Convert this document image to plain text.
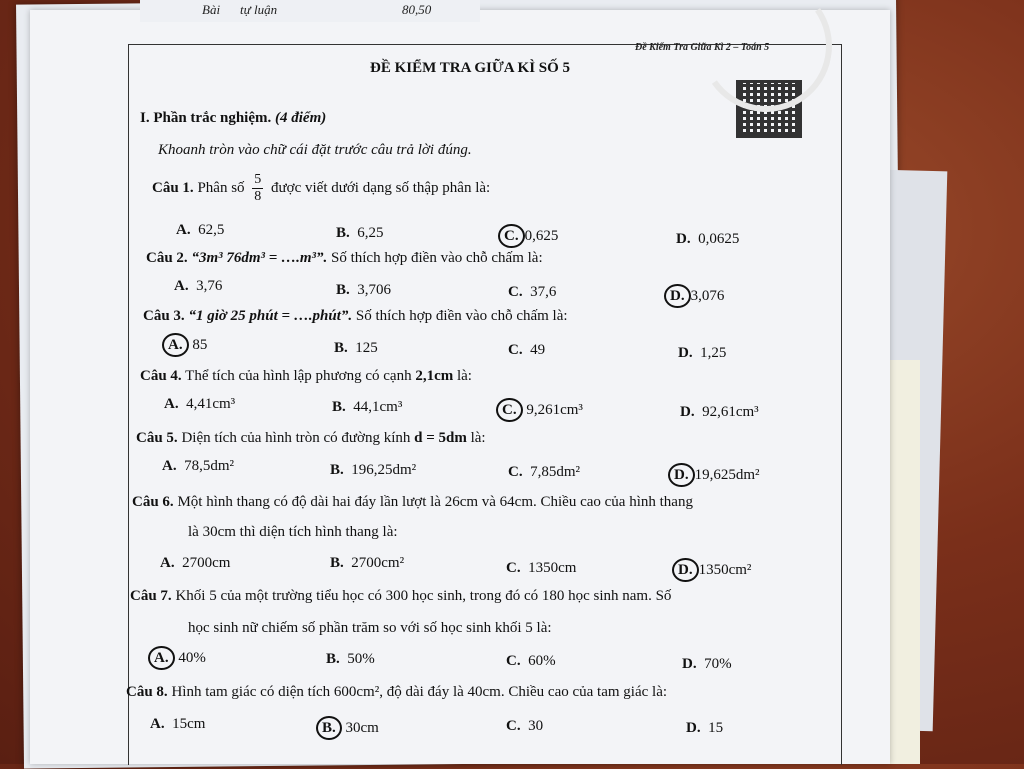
Bài tự luận	80,50
Đề Kiểm Tra Giữa Kì 2 – Toán 5
ĐỀ KIỂM TRA GIỮA KÌ SỐ 5
I. Phần trắc nghiệm. (4 điểm)
Khoanh tròn vào chữ cái đặt trước câu trả lời đúng.
Câu 1. Phân số $\frac{5}{8}$ được viết dưới dạng số thập phân là:
A. 62,5	B. 6,25	C. 0,625	D. 0,0625
Câu 2. “3m³ 76dm³ = ….m³”. Số thích hợp điền vào chỗ chấm là:
A. 3,76	B. 3,706	C. 37,6	D. 3,076
Câu 3. “1 giờ 25 phút = ….phút”. Số thích hợp điền vào chỗ chấm là:
A. 85	B. 125	C. 49	D. 1,25
Câu 4. Thể tích của hình lập phương có cạnh 2,1cm là:
A. 4,41cm³	B. 44,1cm³	C. 9,261cm³	D. 92,61cm³
Câu 5. Diện tích của hình tròn có đường kính d = 5dm là:
A. 78,5dm²	B. 196,25dm²	C. 7,85dm²	D. 19,625dm²
Câu 6. Một hình thang có độ dài hai đáy lần lượt là 26cm và 64cm. Chiều cao của hình thang
là 30cm thì diện tích hình thang là:
A. 2700cm	B. 2700cm²	C. 1350cm	D. 1350cm²
Câu 7. Khối 5 của một trường tiểu học có 300 học sinh, trong đó có 180 học sinh nam. Số
học sinh nữ chiếm số phần trăm so với số học sinh khối 5 là:
A. 40%	B. 50%	C. 60%	D. 70%
Câu 8. Hình tam giác có diện tích 600cm², độ dài đáy là 40cm. Chiều cao của tam giác là:
A. 15cm	B. 30cm	C. 30	D. 15
